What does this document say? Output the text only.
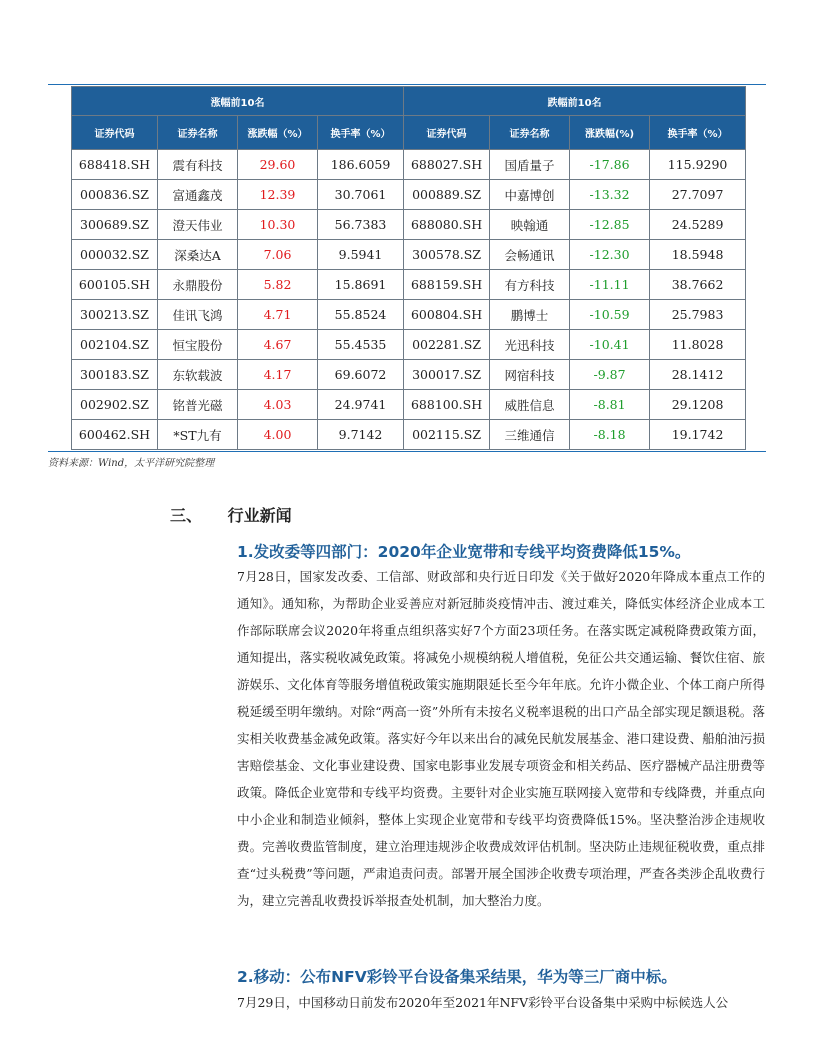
涨幅前10名				跌幅前10名			
证券代码	证券名称	涨跌幅（%）	换手率（%）	证券代码	证券名称	涨跌幅(%)	换手率（%）
688418.SH	震有科技	29.60	186.6059	688027.SH	国盾量子	-17.86	115.9290
000836.SZ	富通鑫茂	12.39	30.7061	000889.SZ	中嘉博创	-13.32	27.7097
300689.SZ	澄天伟业	10.30	56.7383	688080.SH	映翰通	-12.85	24.5289
000032.SZ	深桑达A	7.06	9.5941	300578.SZ	会畅通讯	-12.30	18.5948
600105.SH	永鼎股份	5.82	15.8691	688159.SH	有方科技	-11.11	38.7662
300213.SZ	佳讯飞鸿	4.71	55.8524	600804.SH	鹏博士	-10.59	25.7983
002104.SZ	恒宝股份	4.67	55.4535	002281.SZ	光迅科技	-10.41	11.8028
300183.SZ	东软载波	4.17	69.6072	300017.SZ	网宿科技	-9.87	28.1412
002902.SZ	铭普光磁	4.03	24.9741	688100.SH	威胜信息	-8.81	29.1208
600462.SH	*ST九有	4.00	9.7142	002115.SZ	三维通信	-8.18	19.1742
资料来源：Wind，太平洋研究院整理
三、 行业新闻
1.发改委等四部门：2020年企业宽带和专线平均资费降低15%。

7月28日，国家发改委、工信部、财政部和央行近日印发《关于做好2020年降成本重点工作的通知》。通知称，为帮助企业妥善应对新冠肺炎疫情冲击、渡过难关，降低实体经济企业成本工作部际联席会议2020年将重点组织落实好7个方面23项任务。在落实既定减税降费政策方面，通知提出，落实税收减免政策。将减免小规模纳税人增值税，免征公共交通运输、餐饮住宿、旅游娱乐、文化体育等服务增值税政策实施期限延长至今年年底。允许小微企业、个体工商户所得税延缓至明年缴纳。对除“两高一资”外所有未按名义税率退税的出口产品全部实现足额退税。落实相关收费基金减免政策。落实好今年以来出台的减免民航发展基金、港口建设费、船舶油污损害赔偿基金、文化事业建设费、国家电影事业发展专项资金和相关药品、医疗器械产品注册费等政策。降低企业宽带和专线平均资费。主要针对企业实施互联网接入宽带和专线降费，并重点向中小企业和制造业倾斜，整体上实现企业宽带和专线平均资费降低15%。坚决整治涉企违规收费。完善收费监管制度，建立治理违规涉企收费成效评估机制。坚决防止违规征税收费，重点排查“过头税费”等问题，严肃追责问责。部署开展全国涉企收费专项治理，严查各类涉企乱收费行为，建立完善乱收费投诉举报查处机制，加大整治力度。

2.移动：公布NFV彩铃平台设备集采结果，华为等三厂商中标。

7月29日，中国移动日前发布2020年至2021年NFV彩铃平台设备集中采购中标候选人公
